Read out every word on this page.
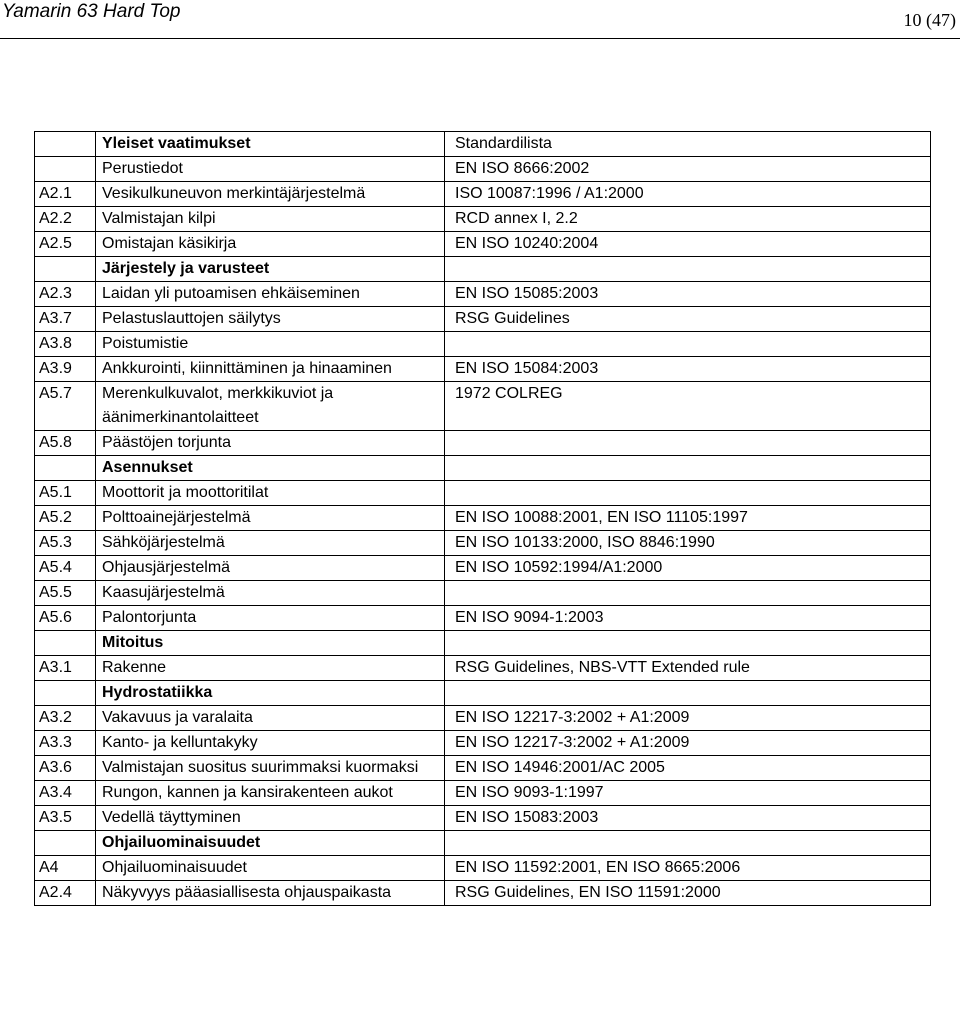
Yamarin 63 Hard Top	10 (47)
	Yleiset vaatimukset	Standardilista
	Perustiedot	EN ISO 8666:2002
A2.1	Vesikulkuneuvon merkintäjärjestelmä	ISO 10087:1996 / A1:2000
A2.2	Valmistajan kilpi	RCD annex I, 2.2
A2.5	Omistajan käsikirja	EN ISO 10240:2004
	Järjestely ja varusteet	
A2.3	Laidan yli putoamisen ehkäiseminen	EN ISO 15085:2003
A3.7	Pelastuslauttojen säilytys	RSG Guidelines
A3.8	Poistumistie	
A3.9	Ankkurointi, kiinnittäminen ja hinaaminen	EN ISO 15084:2003
A5.7	Merenkulkuvalot, merkkikuviot ja äänimerkinantolaitteet	1972 COLREG
A5.8	Päästöjen torjunta	
	Asennukset	
A5.1	Moottorit ja moottoritilat	
A5.2	Polttoainejärjestelmä	EN ISO 10088:2001, EN ISO 11105:1997
A5.3	Sähköjärjestelmä	EN ISO 10133:2000, ISO 8846:1990
A5.4	Ohjausjärjestelmä	EN ISO 10592:1994/A1:2000
A5.5	Kaasujärjestelmä	
A5.6	Palontorjunta	EN ISO 9094-1:2003
	Mitoitus	
A3.1	Rakenne	RSG Guidelines, NBS-VTT Extended rule
	Hydrostatiikka	
A3.2	Vakavuus ja varalaita	EN ISO 12217-3:2002 + A1:2009
A3.3	Kanto- ja kelluntakyky	EN ISO 12217-3:2002 + A1:2009
A3.6	Valmistajan suositus suurimmaksi kuormaksi	EN ISO 14946:2001/AC 2005
A3.4	Rungon, kannen ja kansirakenteen aukot	EN ISO 9093-1:1997
A3.5	Vedellä täyttyminen	EN ISO 15083:2003
	Ohjailuominaisuudet	
A4	Ohjailuominaisuudet	EN ISO 11592:2001, EN ISO 8665:2006
A2.4	Näkyvyys pääasiallisesta ohjauspaikasta	RSG Guidelines, EN ISO 11591:2000
